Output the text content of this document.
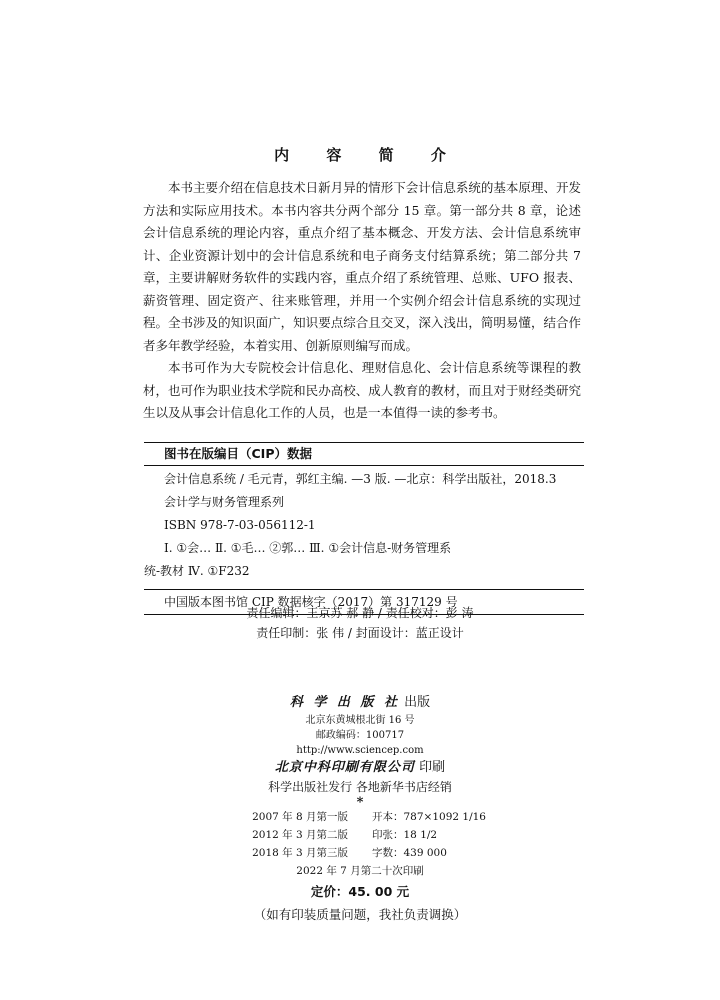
内 容 简 介

本书主要介绍在信息技术日新月异的情形下会计信息系统的基本原理、开发方法和实际应用技术。本书内容共分两个部分 15 章。第一部分共 8 章，论述会计信息系统的理论内容，重点介绍了基本概念、开发方法、会计信息系统审计、企业资源计划中的会计信息系统和电子商务支付结算系统；第二部分共 7 章，主要讲解财务软件的实践内容，重点介绍了系统管理、总账、UFO 报表、薪资管理、固定资产、往来账管理，并用一个实例介绍会计信息系统的实现过程。全书涉及的知识面广，知识要点综合且交叉，深入浅出，简明易懂，结合作者多年教学经验，本着实用、创新原则编写而成。

本书可作为大专院校会计信息化、理财信息化、会计信息系统等课程的教材，也可作为职业技术学院和民办高校、成人教育的教材，而且对于财经类研究生以及从事会计信息化工作的人员，也是一本值得一读的参考书。

图书在版编目（CIP）数据
会计信息系统 / 毛元青，郭红主编. —3 版. —北京：科学出版社，2018.3
会计学与财务管理系列
ISBN 978-7-03-056112-1
Ⅰ. ①会… Ⅱ. ①毛… ②郭… Ⅲ. ①会计信息-财务管理系
统-教材 Ⅳ. ①F232
中国版本图书馆 CIP 数据核字（2017）第 317129 号
责任编辑：王京苏 郝 静 / 责任校对：彭 涛
责任印制：张 伟 / 封面设计：蓝正设计
科 学 出 版 社 出版
北京东黄城根北街 16 号
邮政编码：100717
http://www.sciencep.com
北京中科印刷有限公司 印刷
科学出版社发行 各地新华书店经销
*
2007 年 8 月第一版 开本：787×1092 1/16
2012 年 3 月第二版 印张：18 1/2
2018 年 3 月第三版 字数：439 000
2022 年 7 月第二十次印刷
定价：45. 00 元
（如有印装质量问题，我社负责调换）
